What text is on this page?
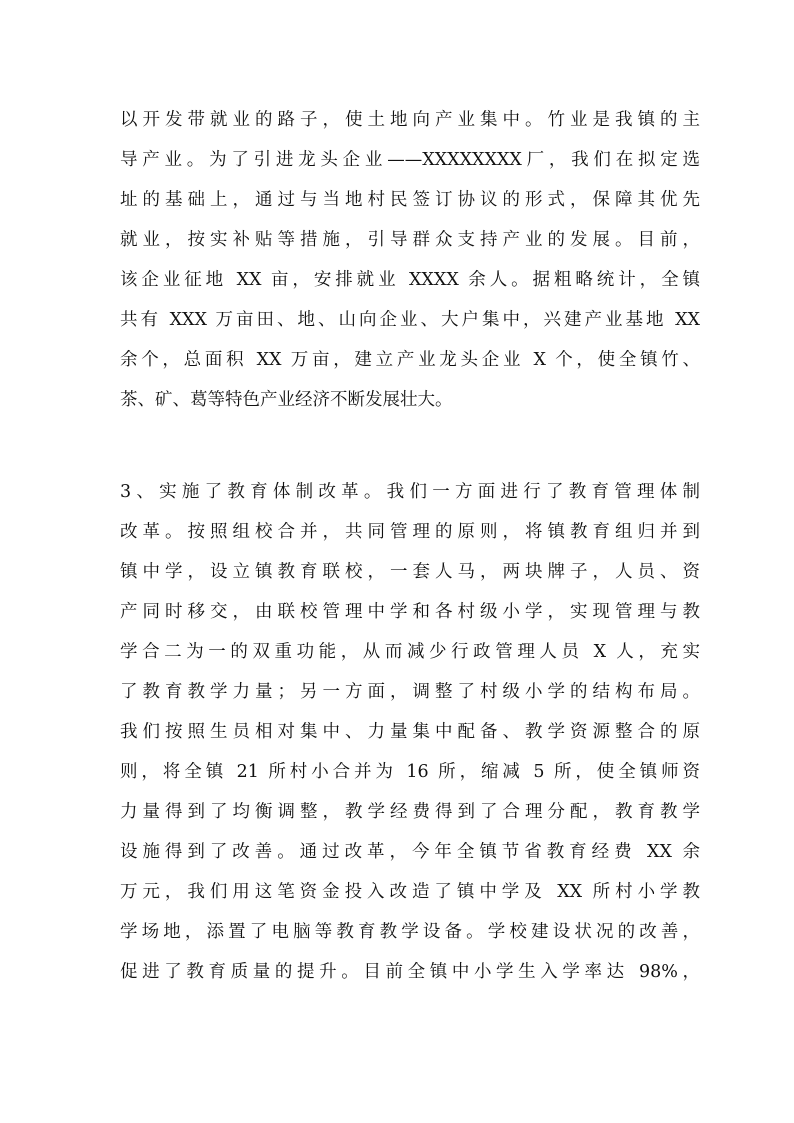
以开发带就业的路子，使土地向产业集中。竹业是我镇的主
导产业。为了引进龙头企业——XXXXXXXX厂，我们在拟定选
址的基础上，通过与当地村民签订协议的形式，保障其优先
就业，按实补贴等措施，引导群众支持产业的发展。目前，
该企业征地 XX 亩，安排就业 XXXX 余人。据粗略统计，全镇
共有 XXX 万亩田、地、山向企业、大户集中，兴建产业基地 XX
余个，总面积 XX 万亩，建立产业龙头企业 X 个，使全镇竹、
茶、矿、葛等特色产业经济不断发展壮大。
3、实施了教育体制改革。我们一方面进行了教育管理体制
改革。按照组校合并，共同管理的原则，将镇教育组归并到
镇中学，设立镇教育联校，一套人马，两块牌子，人员、资
产同时移交，由联校管理中学和各村级小学，实现管理与教
学合二为一的双重功能，从而减少行政管理人员 X 人，充实
了教育教学力量；另一方面，调整了村级小学的结构布局。
我们按照生员相对集中、力量集中配备、教学资源整合的原
则，将全镇 21 所村小合并为 16 所，缩减 5 所，使全镇师资
力量得到了均衡调整，教学经费得到了合理分配，教育教学
设施得到了改善。通过改革，今年全镇节省教育经费 XX 余
万元，我们用这笔资金投入改造了镇中学及 XX 所村小学教
学场地，添置了电脑等教育教学设备。学校建设状况的改善，
促进了教育质量的提升。目前全镇中小学生入学率达 98%，
